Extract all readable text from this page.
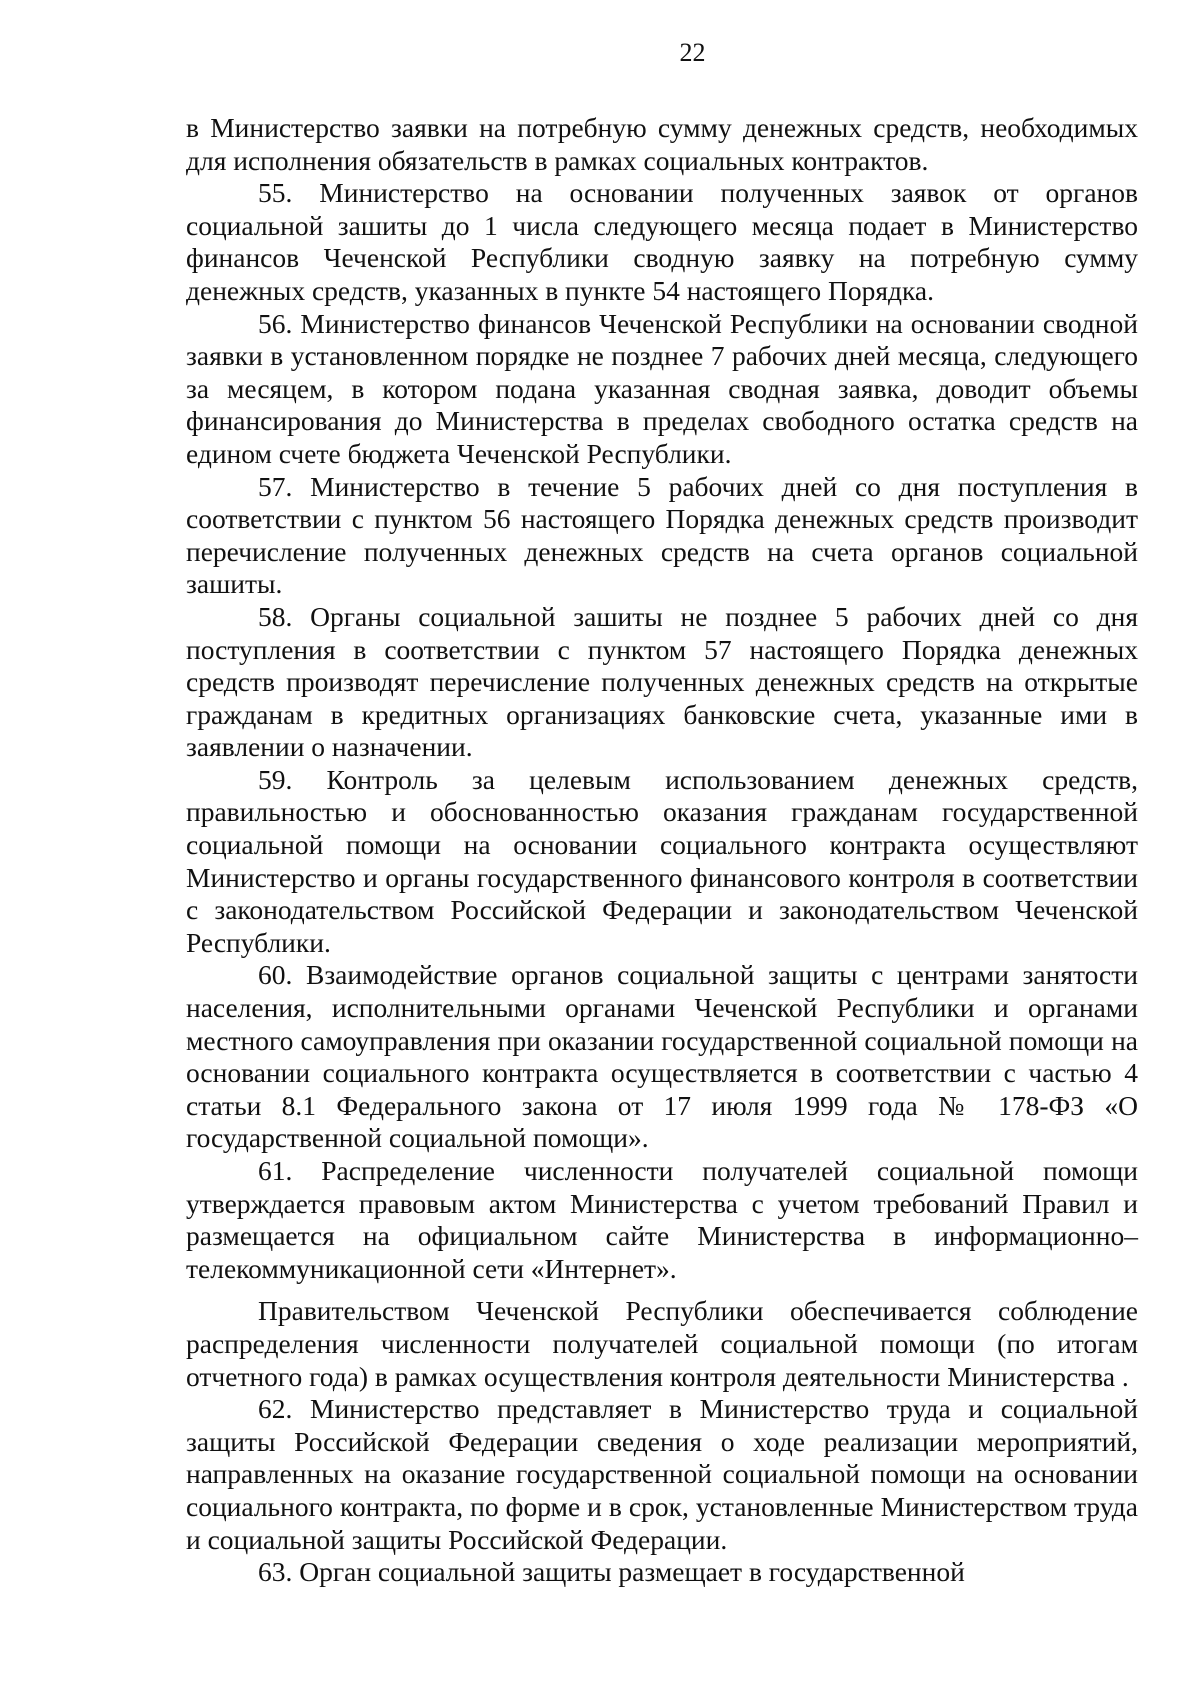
22

в Министерство заявки на потребную сумму денежных средств, необходимых для исполнения обязательств в рамках социальных контрактов.

55. Министерство на основании полученных заявок от органов социальной зашиты до 1 числа следующего месяца подает в Министерство финансов Чеченской Республики сводную заявку на потребную сумму денежных средств, указанных в пункте 54 настоящего Порядка.

56. Министерство финансов Чеченской Республики на основании сводной заявки в установленном порядке не позднее 7 рабочих дней месяца, следующего за месяцем, в котором подана указанная сводная заявка, доводит объемы финансирования до Министерства в пределах свободного остатка средств на едином счете бюджета Чеченской Республики.

57. Министерство в течение 5 рабочих дней со дня поступления в соответствии с пунктом 56 настоящего Порядка денежных средств производит перечисление полученных денежных средств на счета органов социальной зашиты.

58. Органы социальной зашиты не позднее 5 рабочих дней со дня поступления в соответствии с пунктом 57 настоящего Порядка денежных средств производят перечисление полученных денежных средств на открытые гражданам в кредитных организациях банковские счета, указанные ими в заявлении о назначении.

59. Контроль за целевым использованием денежных средств, правильностью и обоснованностью оказания гражданам государственной социальной помощи на основании социального контракта осуществляют Министерство и органы государственного финансового контроля в соответствии с законодательством Российской Федерации и законодательством Чеченской Республики.

60. Взаимодействие органов социальной защиты с центрами занятости населения, исполнительными органами Чеченской Республики и органами местного самоуправления при оказании государственной социальной помощи на основании социального контракта осуществляется в соответствии с частью 4 статьи 8.1 Федерального закона от 17 июля 1999 года № 178-ФЗ «О государственной социальной помощи».

61. Распределение численности получателей социальной помощи утверждается правовым актом Министерства с учетом требований Правил и размещается на официальном сайте Министерства в информационно–телекоммуникационной сети «Интернет».

Правительством Чеченской Республики обеспечивается соблюдение распределения численности получателей социальной помощи (по итогам отчетного года) в рамках осуществления контроля деятельности Министерства .

62. Министерство представляет в Министерство труда и социальной защиты Российской Федерации сведения о ходе реализации мероприятий, направленных на оказание государственной социальной помощи на основании социального контракта, по форме и в срок, установленные Министерством труда и социальной защиты Российской Федерации.

63. Орган социальной защиты размещает в государственной
